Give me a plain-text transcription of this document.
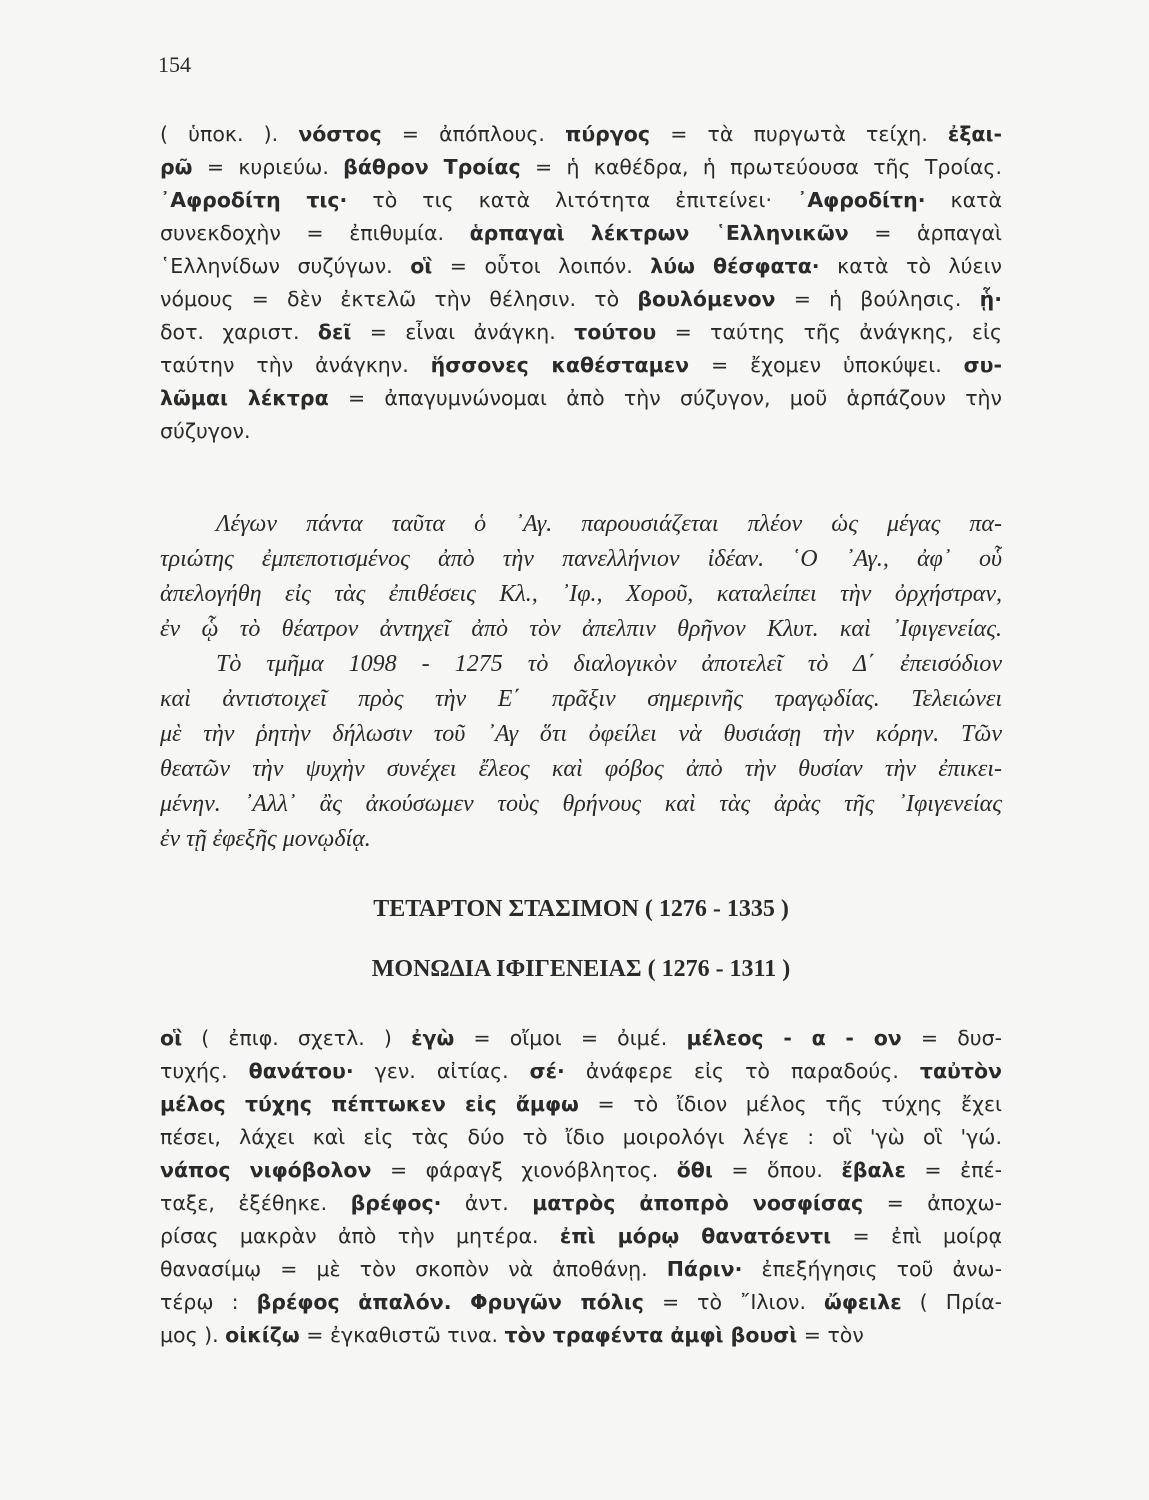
154
( ὑποκ. ). νόστος = ἀπόπλους. πύργος = τὰ πυργωτὰ τείχη. ἐξαι-
ρῶ = κυριεύω. βάθρον Τροίας = ἡ καθέδρα, ἡ πρωτεύουσα τῆς Τροίας.
᾿Αφροδίτη τις· τὸ τις κατὰ λιτότητα ἐπιτείνει· ᾿Αφροδίτη· κατὰ
συνεκδοχὴν = ἐπιθυμία. ἁρπαγαὶ λέκτρων ῾Ελληνικῶν = ἁρπαγαὶ
῾Ελληνίδων συζύγων. οἳ = οὗτοι λοιπόν. λύω θέσφατα· κατὰ τὸ λύειν
νόμους = δὲν ἐκτελῶ τὴν θέλησιν. τὸ βουλόμενον = ἡ βούλησις. ᾗ·
δοτ. χαριστ. δεῖ = εἶναι ἀνάγκη. τούτου = ταύτης τῆς ἀνάγκης, εἰς
ταύτην τὴν ἀνάγκην. ἥσσονες καθέσταμεν = ἔχομεν ὑποκύψει. συ-
λῶμαι λέκτρα = ἀπαγυμνώνομαι ἀπὸ τὴν σύζυγον, μοῦ ἁρπάζουν τὴν
σύζυγον.
Λέγων πάντα ταῦτα ὁ ᾿Αγ. παρουσιάζεται πλέον ὡς μέγας πα-
τριώτης ἐμπεποτισμένος ἀπὸ τὴν πανελλήνιον ἰδέαν. ῾Ο ᾿Αγ., ἀφ᾿ οὗ
ἀπελογήθη εἰς τὰς ἐπιθέσεις Κλ., ᾿Ιφ., Χοροῦ, καταλείπει τὴν ὀρχήστραν,
ἐν ᾧ τὸ θέατρον ἀντηχεῖ ἀπὸ τὸν ἀπελπιν θρῆνον Κλυτ. καὶ ᾿Ιφιγενείας.
Τὸ τμῆμα 1098 - 1275 τὸ διαλογικὸν ἀποτελεῖ τὸ Δ΄ ἐπεισόδιον
καὶ ἀντιστοιχεῖ πρὸς τὴν Ε΄ πρᾶξιν σημερινῆς τραγῳδίας. Τελειώνει
μὲ τὴν ῥητὴν δήλωσιν τοῦ ᾿Αγ ὅτι ὀφείλει νὰ θυσιάσῃ τὴν κόρην. Τῶν
θεατῶν τὴν ψυχὴν συνέχει ἔλεος καὶ φόβος ἀπὸ τὴν θυσίαν τὴν ἐπικει-
μένην. ᾿Αλλ᾿ ἂς ἀκούσωμεν τοὺς θρήνους καὶ τὰς ἀρὰς τῆς ᾿Ιφιγενείας
ἐν τῇ ἐφεξῆς μονῳδίᾳ.
ΤΕΤΑΡΤΟΝ ΣΤΑΣΙΜΟΝ ( 1276 - 1335 )
ΜΟΝΩΔΙΑ ΙΦΙΓΕΝΕΙΑΣ ( 1276 - 1311 )
οἳ ( ἐπιφ. σχετλ. ) ἐγὼ = οἴμοι = ὀιμέ. μέλεος - α - ον = δυσ-
τυχής. θανάτου· γεν. αἰτίας. σέ· ἀνάφερε εἰς τὸ παραδούς. ταὐτὸν
μέλος τύχης πέπτωκεν εἰς ἄμφω = τὸ ἴδιον μέλος τῆς τύχης ἔχει
πέσει, λάχει καὶ εἰς τὰς δύο τὸ ἴδιο μοιρολόγι λέγε : οἳ 'γὼ οἳ 'γώ.
νάπος νιφόβολον = φάραγξ χιονόβλητος. ὅθι = ὅπου. ἔβαλε = ἐπέ-
ταξε, ἐξέθηκε. βρέφος· ἀντ. ματρὸς ἀποπρὸ νοσφίσας = ἀποχω-
ρίσας μακρὰν ἀπὸ τὴν μητέρα. ἐπὶ μόρῳ θανατόεντι = ἐπὶ μοίρᾳ
θανασίμῳ = μὲ τὸν σκοπὸν νὰ ἀποθάνῃ. Πάριν· ἐπεξήγησις τοῦ ἀνω-
τέρῳ : βρέφος ἁπαλόν. Φρυγῶν πόλις = τὸ ῎Ιλιον. ὤφειλε ( Πρία-
μος ). οἰκίζω = ἐγκαθιστῶ τινα. τὸν τραφέντα ἀμφὶ βουσὶ = τὸν
